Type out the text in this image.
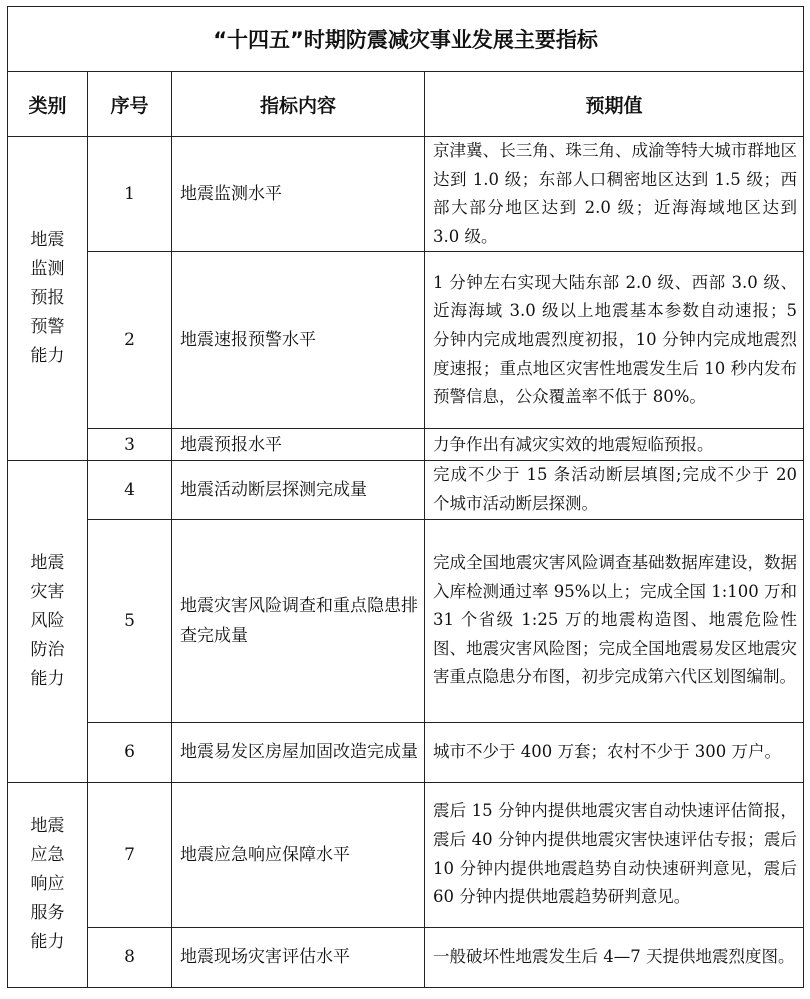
“十四五”时期防震减灾事业发展主要指标			
类别	序号	指标内容	预期值
地震监测预报预警能力	1	地震监测水平	京津冀、长三角、珠三角、成渝等特大城市群地区达到 1.0 级；东部人口稠密地区达到 1.5 级；西部大部分地区达到 2.0 级；近海海域地区达到 3.0 级。
	2	地震速报预警水平	1 分钟左右实现大陆东部 2.0 级、西部 3.0 级、近海海域 3.0 级以上地震基本参数自动速报；5 分钟内完成地震烈度初报，10 分钟内完成地震烈度速报；重点地区灾害性地震发生后 10 秒内发布预警信息，公众覆盖率不低于 80%。
	3	地震预报水平	力争作出有减灾实效的地震短临预报。
地震灾害风险防治能力	4	地震活动断层探测完成量	完成不少于 15 条活动断层填图;完成不少于 20 个城市活动断层探测。
	5	地震灾害风险调查和重点隐患排查完成量	完成全国地震灾害风险调查基础数据库建设，数据入库检测通过率 95%以上；完成全国 1:100 万和 31 个省级 1:25 万的地震构造图、地震危险性图、地震灾害风险图；完成全国地震易发区地震灾害重点隐患分布图，初步完成第六代区划图编制。
	6	地震易发区房屋加固改造完成量	城市不少于 400 万套；农村不少于 300 万户。
地震应急响应服务能力	7	地震应急响应保障水平	震后 15 分钟内提供地震灾害自动快速评估简报，震后 40 分钟内提供地震灾害快速评估专报；震后 10 分钟内提供地震趋势自动快速研判意见，震后 60 分钟内提供地震趋势研判意见。
	8	地震现场灾害评估水平	一般破坏性地震发生后 4—7 天提供地震烈度图。
